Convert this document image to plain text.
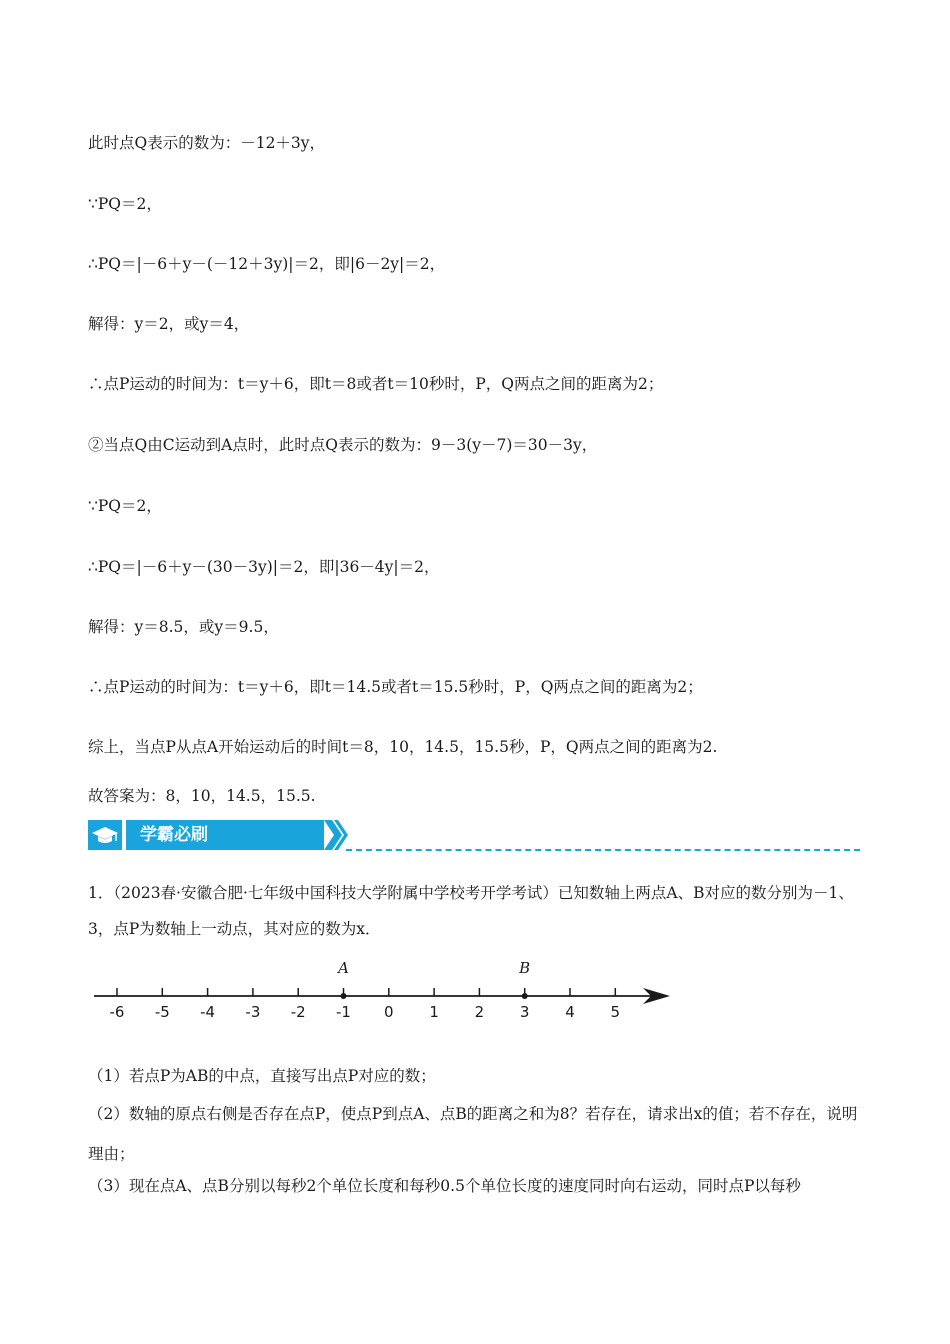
此时点Q表示的数为：－12＋3y，
∵PQ＝2，
∴PQ＝|－6＋y－(－12＋3y)|＝2，即|6－2y|＝2，
解得：y＝2，或y＝4，
∴点P运动的时间为：t＝y＋6，即t＝8或者t＝10秒时，P，Q两点之间的距离为2；
②当点Q由C运动到A点时，此时点Q表示的数为：9－3(y－7)＝30－3y，
∵PQ＝2，
∴PQ＝|－6＋y－(30－3y)|＝2，即|36－4y|＝2，
解得：y＝8.5，或y＝9.5，
∴点P运动的时间为：t＝y＋6，即t＝14.5或者t＝15.5秒时，P，Q两点之间的距离为2；
综上，当点P从点A开始运动后的时间t＝8，10，14.5，15.5秒，P，Q两点之间的距离为2.
故答案为：8，10，14.5，15.5.
学霸必刷
1．（2023春·安徽合肥·七年级中国科技大学附属中学校考开学考试）已知数轴上两点A、B对应的数分别为－1、3，点P为数轴上一动点，其对应的数为x．
-6 -5 -4 -3 -2 -1 0 1 2 3 4 5
A	B
（1）若点P为AB的中点，直接写出点P对应的数；
（2）数轴的原点右侧是否存在点P，使点P到点A、点B的距离之和为8？若存在，请求出x的值；若不存在，说明理由；
（3）现在点A、点B分别以每秒2个单位长度和每秒0.5个单位长度的速度同时向右运动，同时点P以每秒
